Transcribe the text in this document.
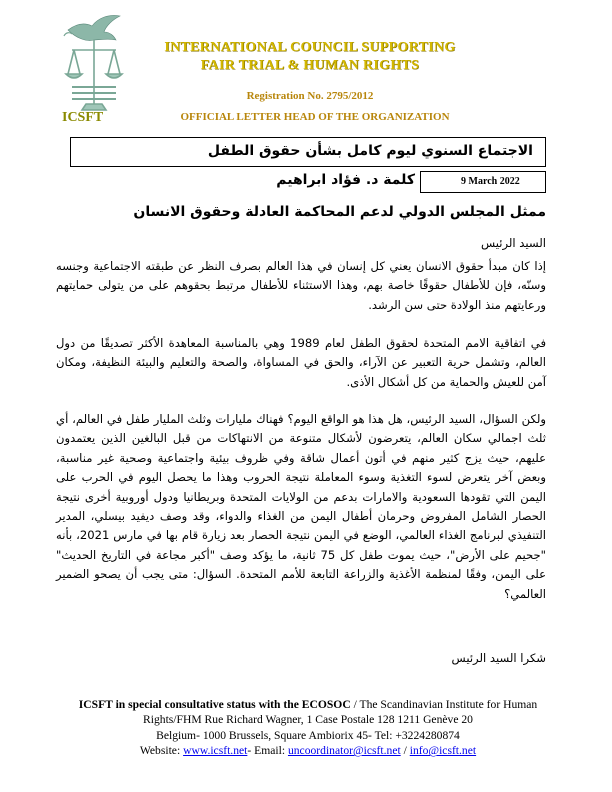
INTERNATIONAL COUNCIL SUPPORTING
FAIR TRIAL & HUMAN RIGHTS
Registration No. 2795/2012
ICSFT	OFFICIAL LETTER HEAD OF THE ORGANIZATION
الاجتماع السنوي ليوم كامل بشأن حقوق الطفل
كلمة د. فؤاد ابراهيم	9 March 2022
ممثل المجلس الدولي لدعم المحاكمة العادلة وحقوق الانسان
السيد الرئيس
إذا كان مبدأ حقوق الانسان يعني كل إنسان في هذا العالم بصرف النظر عن طبقته الاجتماعية وجنسه وسنّه، فإن للأطفال حقوقًا خاصة بهم، وهذا الاستثناء للأطفال مرتبط بحقوهم على من يتولى حمايتهم ورعايتهم منذ الولادة حتى سن الرشد.
في اتفاقية الامم المتحدة لحقوق الطفل لعام 1989 وهي بالمناسبة المعاهدة الأكثر تصديقًا من دول العالم، وتشمل حرية التعبير عن الآراء، والحق في المساواة، والصحة والتعليم والبيئة النظيفة، ومكان آمن للعيش والحماية من كل أشكال الأذى.
ولكن السؤال، السيد الرئيس، هل هذا هو الواقع اليوم؟ فهناك مليارات وثلث المليار طفل في العالم، أي ثلث اجمالي سكان العالم، يتعرضون لأشكال متنوعة من الانتهاكات من قبل البالغين الذين يعتمدون عليهم، حيث يزج كثير منهم في أتون أعمال شاقة وفي ظروف بيئية واجتماعية وصحية غير مناسبة، وبعض آخر يتعرض لسوء التغذية وسوء المعاملة نتيجة الحروب وهذا ما يحصل اليوم في الحرب على اليمن التي تقودها السعودية والامارات بدعم من الولايات المتحدة وبريطانيا ودول أوروبية أخرى نتيجة الحصار الشامل المفروض وحرمان أطفال اليمن من الغذاء والدواء، وقد وصف ديفيد بيسلي، المدير التنفيذي لبرنامج الغذاء العالمي، الوضع في اليمن نتيجة الحصار بعد زيارة قام بها في مارس 2021، بأنه "جحيم على الأرض"، حيث يموت طفل كل 75 ثانية، ما يؤكد وصف "أكبر مجاعة في التاريخ الحديث" على اليمن، وفقًا لمنظمة الأغذية والزراعة التابعة للأمم المتحدة. السؤال: متى يجب أن يصحو الضمير العالمي؟
شكرا السيد الرئيس
ICSFT in special consultative status with the ECOSOC / The Scandinavian Institute for Human Rights/FHM Rue Richard Wagner, 1 Case Postale 128 1211 Genève 20
Belgium- 1000 Brussels, Square Ambiorix 45- Tel: +3224280874
Website: www.icsft.net- Email: uncoordinator@icsft.net / info@icsft.net
